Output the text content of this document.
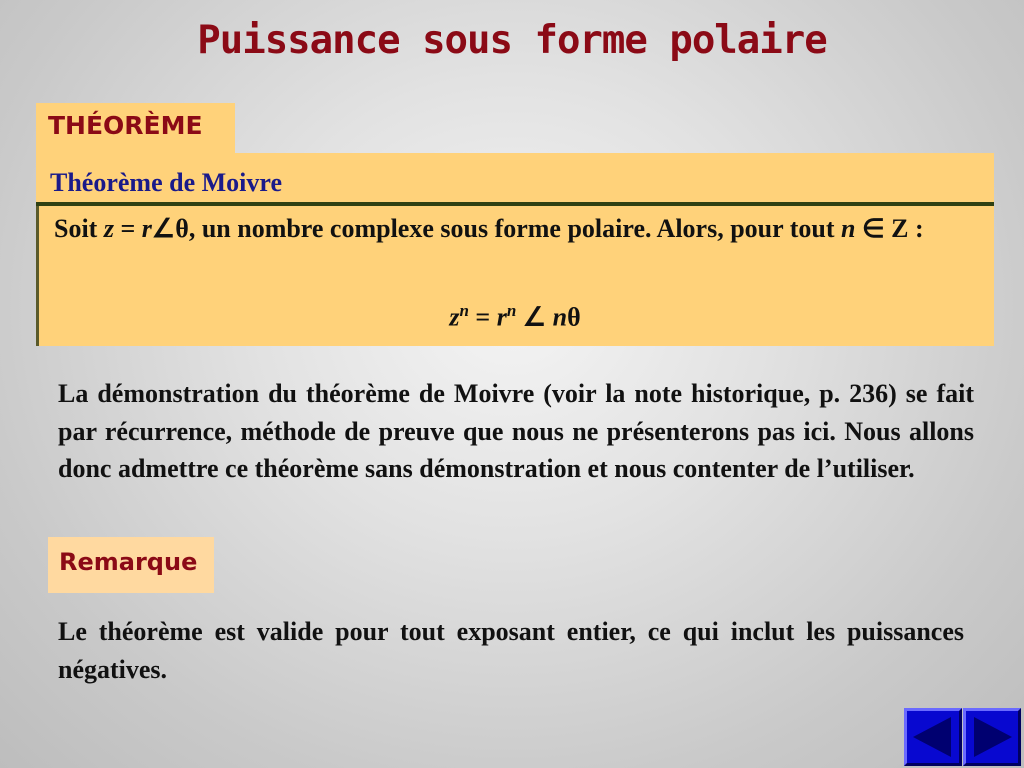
Puissance sous forme polaire
THÉORÈME
Théorème de Moivre
Soit z = r∠θ, un nombre complexe sous forme polaire. Alors, pour tout n ∈ Z :
$z^n = r^n$ ∠ nθ
La démonstration du théorème de Moivre (voir la note historique, p. 236) se fait par récurrence, méthode de preuve que nous ne présenterons pas ici. Nous allons donc admettre ce théorème sans démonstration et nous contenter de l’utiliser.
Remarque
Le théorème est valide pour tout exposant entier, ce qui inclut les puissances négatives.
